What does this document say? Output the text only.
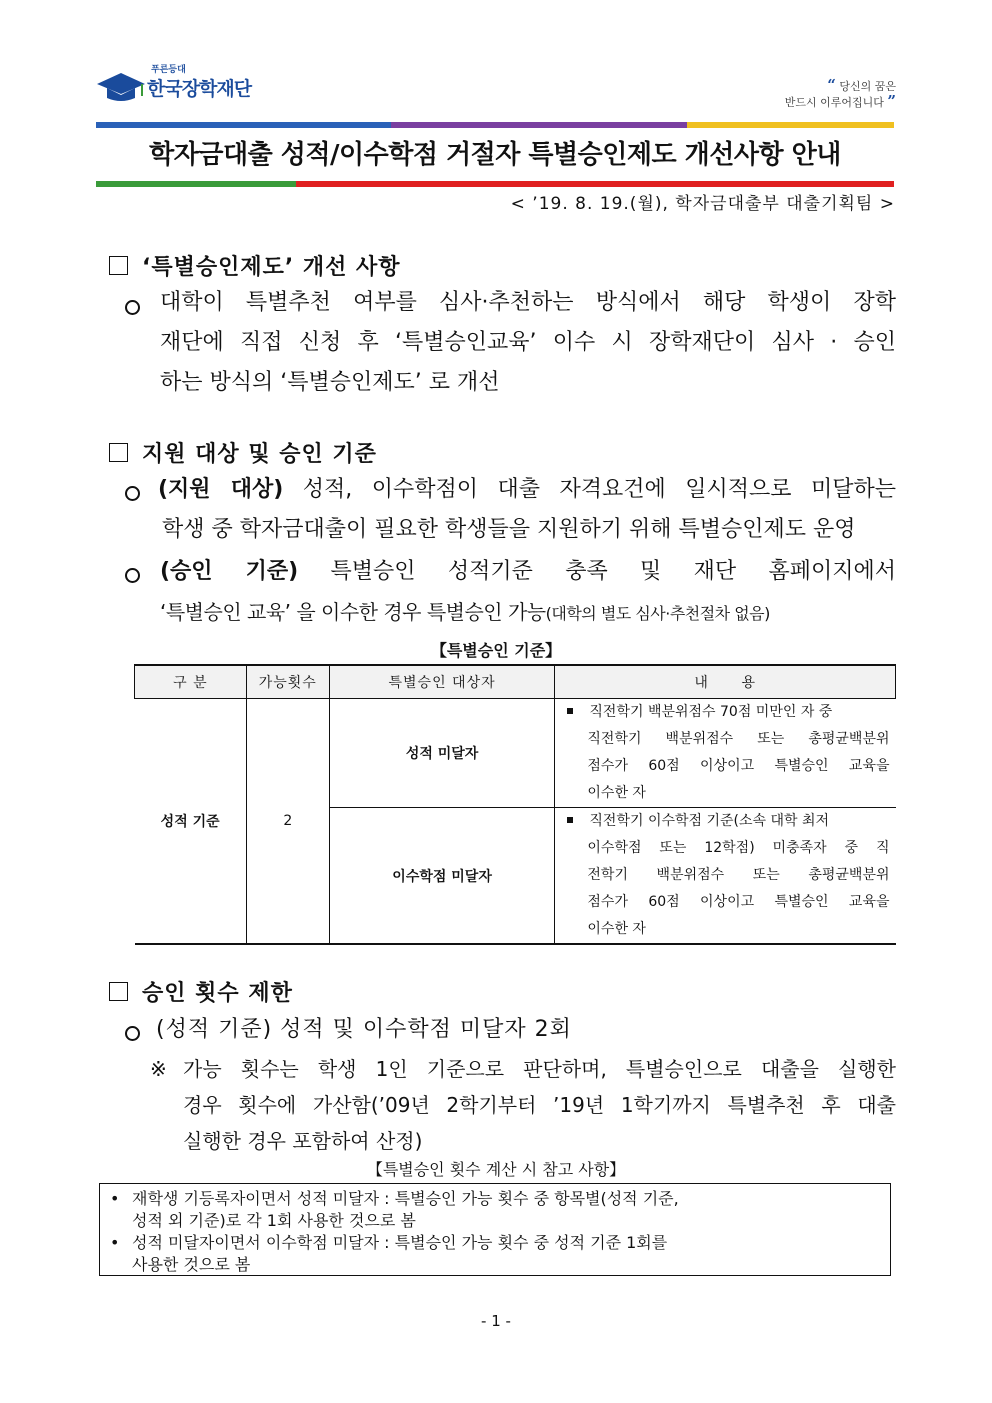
푸른등대
한국장학재단	“ 당신의 꿈은
반드시 이루어집니다 ”
학자금대출 성적/이수학점 거절자 특별승인제도 개선사항 안내
< ’19. 8. 19.(월), 학자금대출부 대출기획팀 >
‘특별승인제도’ 개선 사항
대학이 특별추천 여부를 심사·추천하는 방식에서 해당 학생이 장학
재단에 직접 신청 후 ‘특별승인교육’ 이수 시 장학재단이 심사 · 승인
하는 방식의 ‘특별승인제도’ 로 개선
지원 대상 및 승인 기준
(지원 대상) 성적, 이수학점이 대출 자격요건에 일시적으로 미달하는
학생 중 학자금대출이 필요한 학생들을 지원하기 위해 특별승인제도 운영
(승인 기준) 특별승인 성적기준 충족 및 재단 홈페이지에서
‘특별승인 교육’ 을 이수한 경우 특별승인 가능(대학의 별도 심사·추천절차 없음)
【특별승인 기준】
구 분	가능횟수	특별승인 대상자	내      용
성적 기준	2	성적 미달자	직전학기 백분위점수 70점 미만인 자 중
직전학기 백분위점수 또는 총평균백분위
점수가 60점 이상이고 특별승인 교육을
이수한 자

		이수학점 미달자	직전학기 이수학점 기준(소속 대학 최저
이수학점 또는 12학점) 미충족자 중 직
전학기 백분위점수 또는 총평균백분위
점수가 60점 이상이고 특별승인 교육을
이수한 자
승인 횟수 제한
(성적 기준) 성적 및 이수학점 미달자 2회
※ 가능 횟수는 학생 1인 기준으로 판단하며, 특별승인으로 대출을 실행한
경우 횟수에 가산함(’09년 2학기부터 ’19년 1학기까지 특별추천 후 대출
실행한 경우 포함하여 산정)
【특별승인 횟수 계산 시 참고 사항】
• 재학생 기등록자이면서 성적 미달자 : 특별승인 가능 횟수 중 항목별(성적 기준,
성적 외 기준)로 각 1회 사용한 것으로 봄
• 성적 미달자이면서 이수학점 미달자 : 특별승인 가능 횟수 중 성적 기준 1회를
사용한 것으로 봄
- 1 -
